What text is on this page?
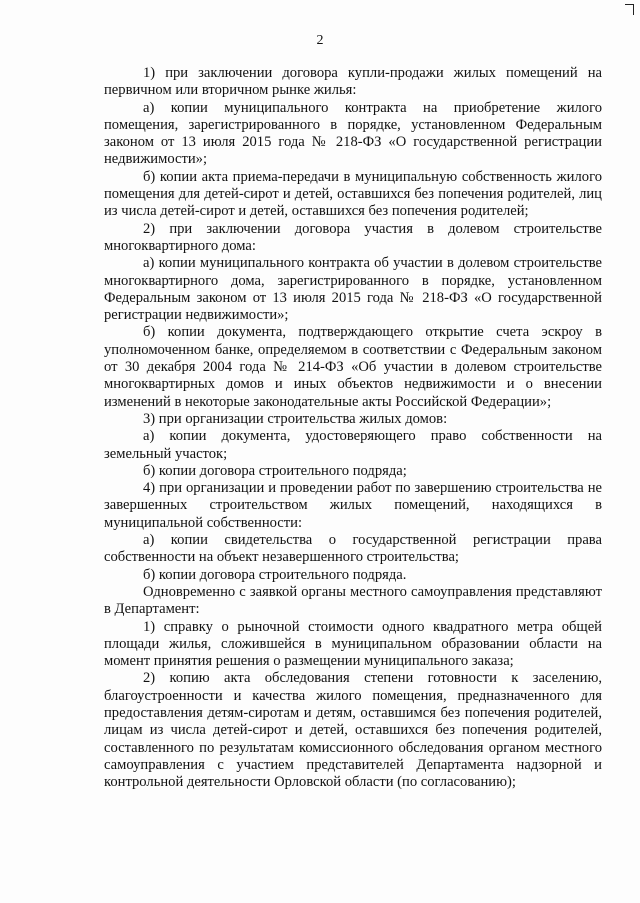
2

1) при заключении договора купли-продажи жилых помещений на первичном или вторичном рынке жилья:

а) копии муниципального контракта на приобретение жилого помещения, зарегистрированного в порядке, установленном Федеральным законом от 13 июля 2015 года № 218-ФЗ «О государственной регистрации недвижимости»;

б) копии акта приема-передачи в муниципальную собственность жилого помещения для детей-сирот и детей, оставшихся без попечения родителей, лиц из числа детей-сирот и детей, оставшихся без попечения родителей;

2) при заключении договора участия в долевом строительстве многоквартирного дома:

а) копии муниципального контракта об участии в долевом строительстве многоквартирного дома, зарегистрированного в порядке, установленном Федеральным законом от 13 июля 2015 года № 218-ФЗ «О государственной регистрации недвижимости»;

б) копии документа, подтверждающего открытие счета эскроу в уполномоченном банке, определяемом в соответствии с Федеральным законом от 30 декабря 2004 года № 214-ФЗ «Об участии в долевом строительстве многоквартирных домов и иных объектов недвижимости и о внесении изменений в некоторые законодательные акты Российской Федерации»;

3) при организации строительства жилых домов:

а) копии документа, удостоверяющего право собственности на земельный участок;

б) копии договора строительного подряда;

4) при организации и проведении работ по завершению строительства не завершенных строительством жилых помещений, находящихся в муниципальной собственности:

а) копии свидетельства о государственной регистрации права собственности на объект незавершенного строительства;

б) копии договора строительного подряда.

Одновременно с заявкой органы местного самоуправления представляют в Департамент:

1) справку о рыночной стоимости одного квадратного метра общей площади жилья, сложившейся в муниципальном образовании области на момент принятия решения о размещении муниципального заказа;

2) копию акта обследования степени готовности к заселению, благоустроенности и качества жилого помещения, предназначенного для предоставления детям-сиротам и детям, оставшимся без попечения родителей, лицам из числа детей-сирот и детей, оставшихся без попечения родителей, составленного по результатам комиссионного обследования органом местного самоуправления с участием представителей Департамента надзорной и контрольной деятельности Орловской области (по согласованию);
